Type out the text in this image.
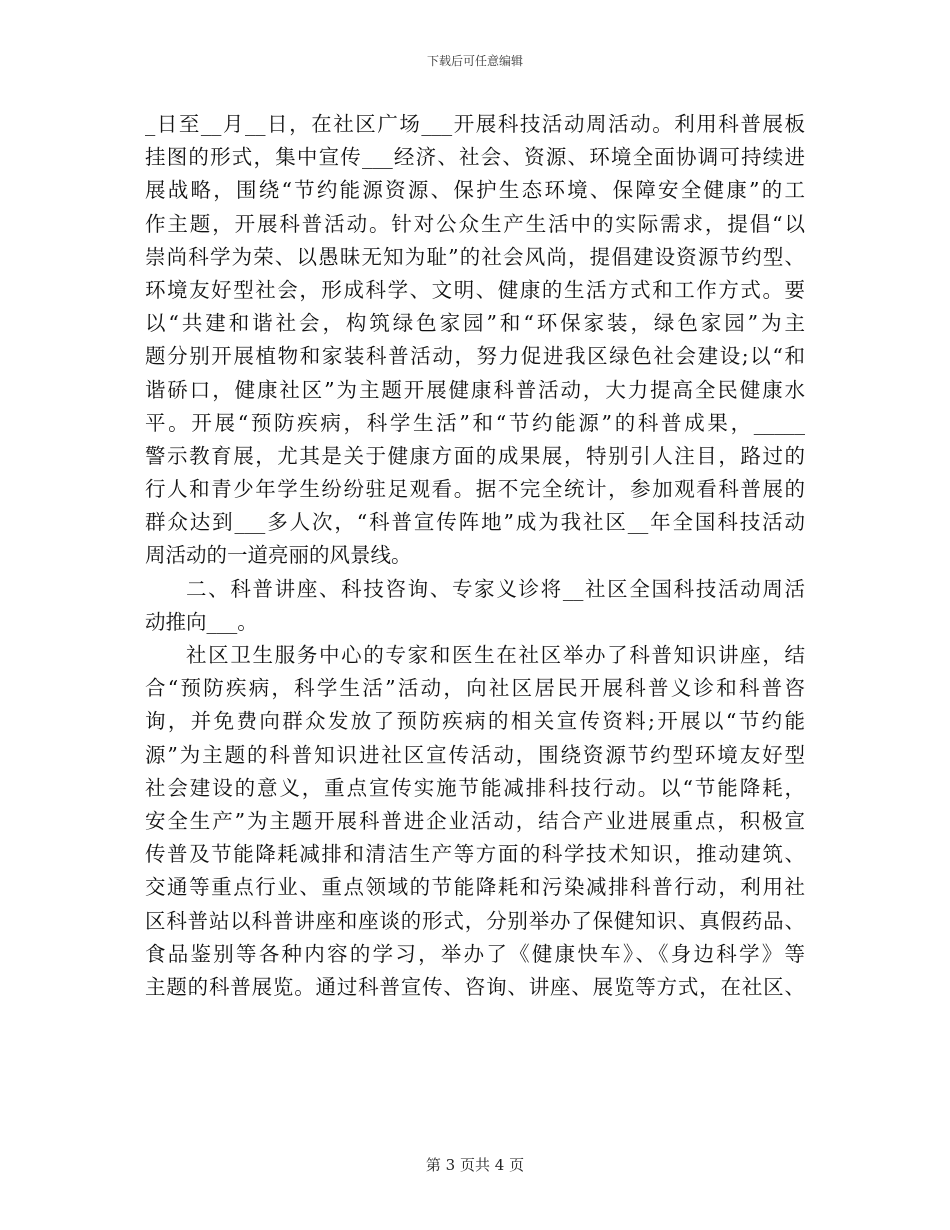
下载后可任意编辑
_日至__月__日，在社区广场___开展科技活动周活动。利用科普展板
挂图的形式，集中宣传___经济、社会、资源、环境全面协调可持续进
展战略，围绕“节约能源资源、保护生态环境、保障安全健康”的工
作主题，开展科普活动。针对公众生产生活中的实际需求，提倡“以
崇尚科学为荣、以愚昧无知为耻”的社会风尚，提倡建设资源节约型、
环境友好型社会，形成科学、文明、健康的生活方式和工作方式。要
以“共建和谐社会，构筑绿色家园”和“环保家装，绿色家园”为主
题分别开展植物和家装科普活动，努力促进我区绿色社会建设;以“和
谐硚口，健康社区”为主题开展健康科普活动，大力提高全民健康水
平。开展“预防疾病，科学生活”和“节约能源”的科普成果，_____
警示教育展，尤其是关于健康方面的成果展，特别引人注目，路过的
行人和青少年学生纷纷驻足观看。据不完全统计，参加观看科普展的
群众达到___多人次，“科普宣传阵地”成为我社区__年全国科技活动
周活动的一道亮丽的风景线。
二、科普讲座、科技咨询、专家义诊将__社区全国科技活动周活
动推向___。
社区卫生服务中心的专家和医生在社区举办了科普知识讲座，结
合“预防疾病，科学生活”活动，向社区居民开展科普义诊和科普咨
询，并免费向群众发放了预防疾病的相关宣传资料;开展以“节约能
源”为主题的科普知识进社区宣传活动，围绕资源节约型环境友好型
社会建设的意义，重点宣传实施节能减排科技行动。以“节能降耗，
安全生产”为主题开展科普进企业活动，结合产业进展重点，积极宣
传普及节能降耗减排和清洁生产等方面的科学技术知识，推动建筑、
交通等重点行业、重点领域的节能降耗和污染减排科普行动，利用社
区科普站以科普讲座和座谈的形式，分别举办了保健知识、真假药品、
食品鉴别等各种内容的学习，举办了《健康快车》、《身边科学》等
主题的科普展览。通过科普宣传、咨询、讲座、展览等方式，在社区、
第 3 页共 4 页
